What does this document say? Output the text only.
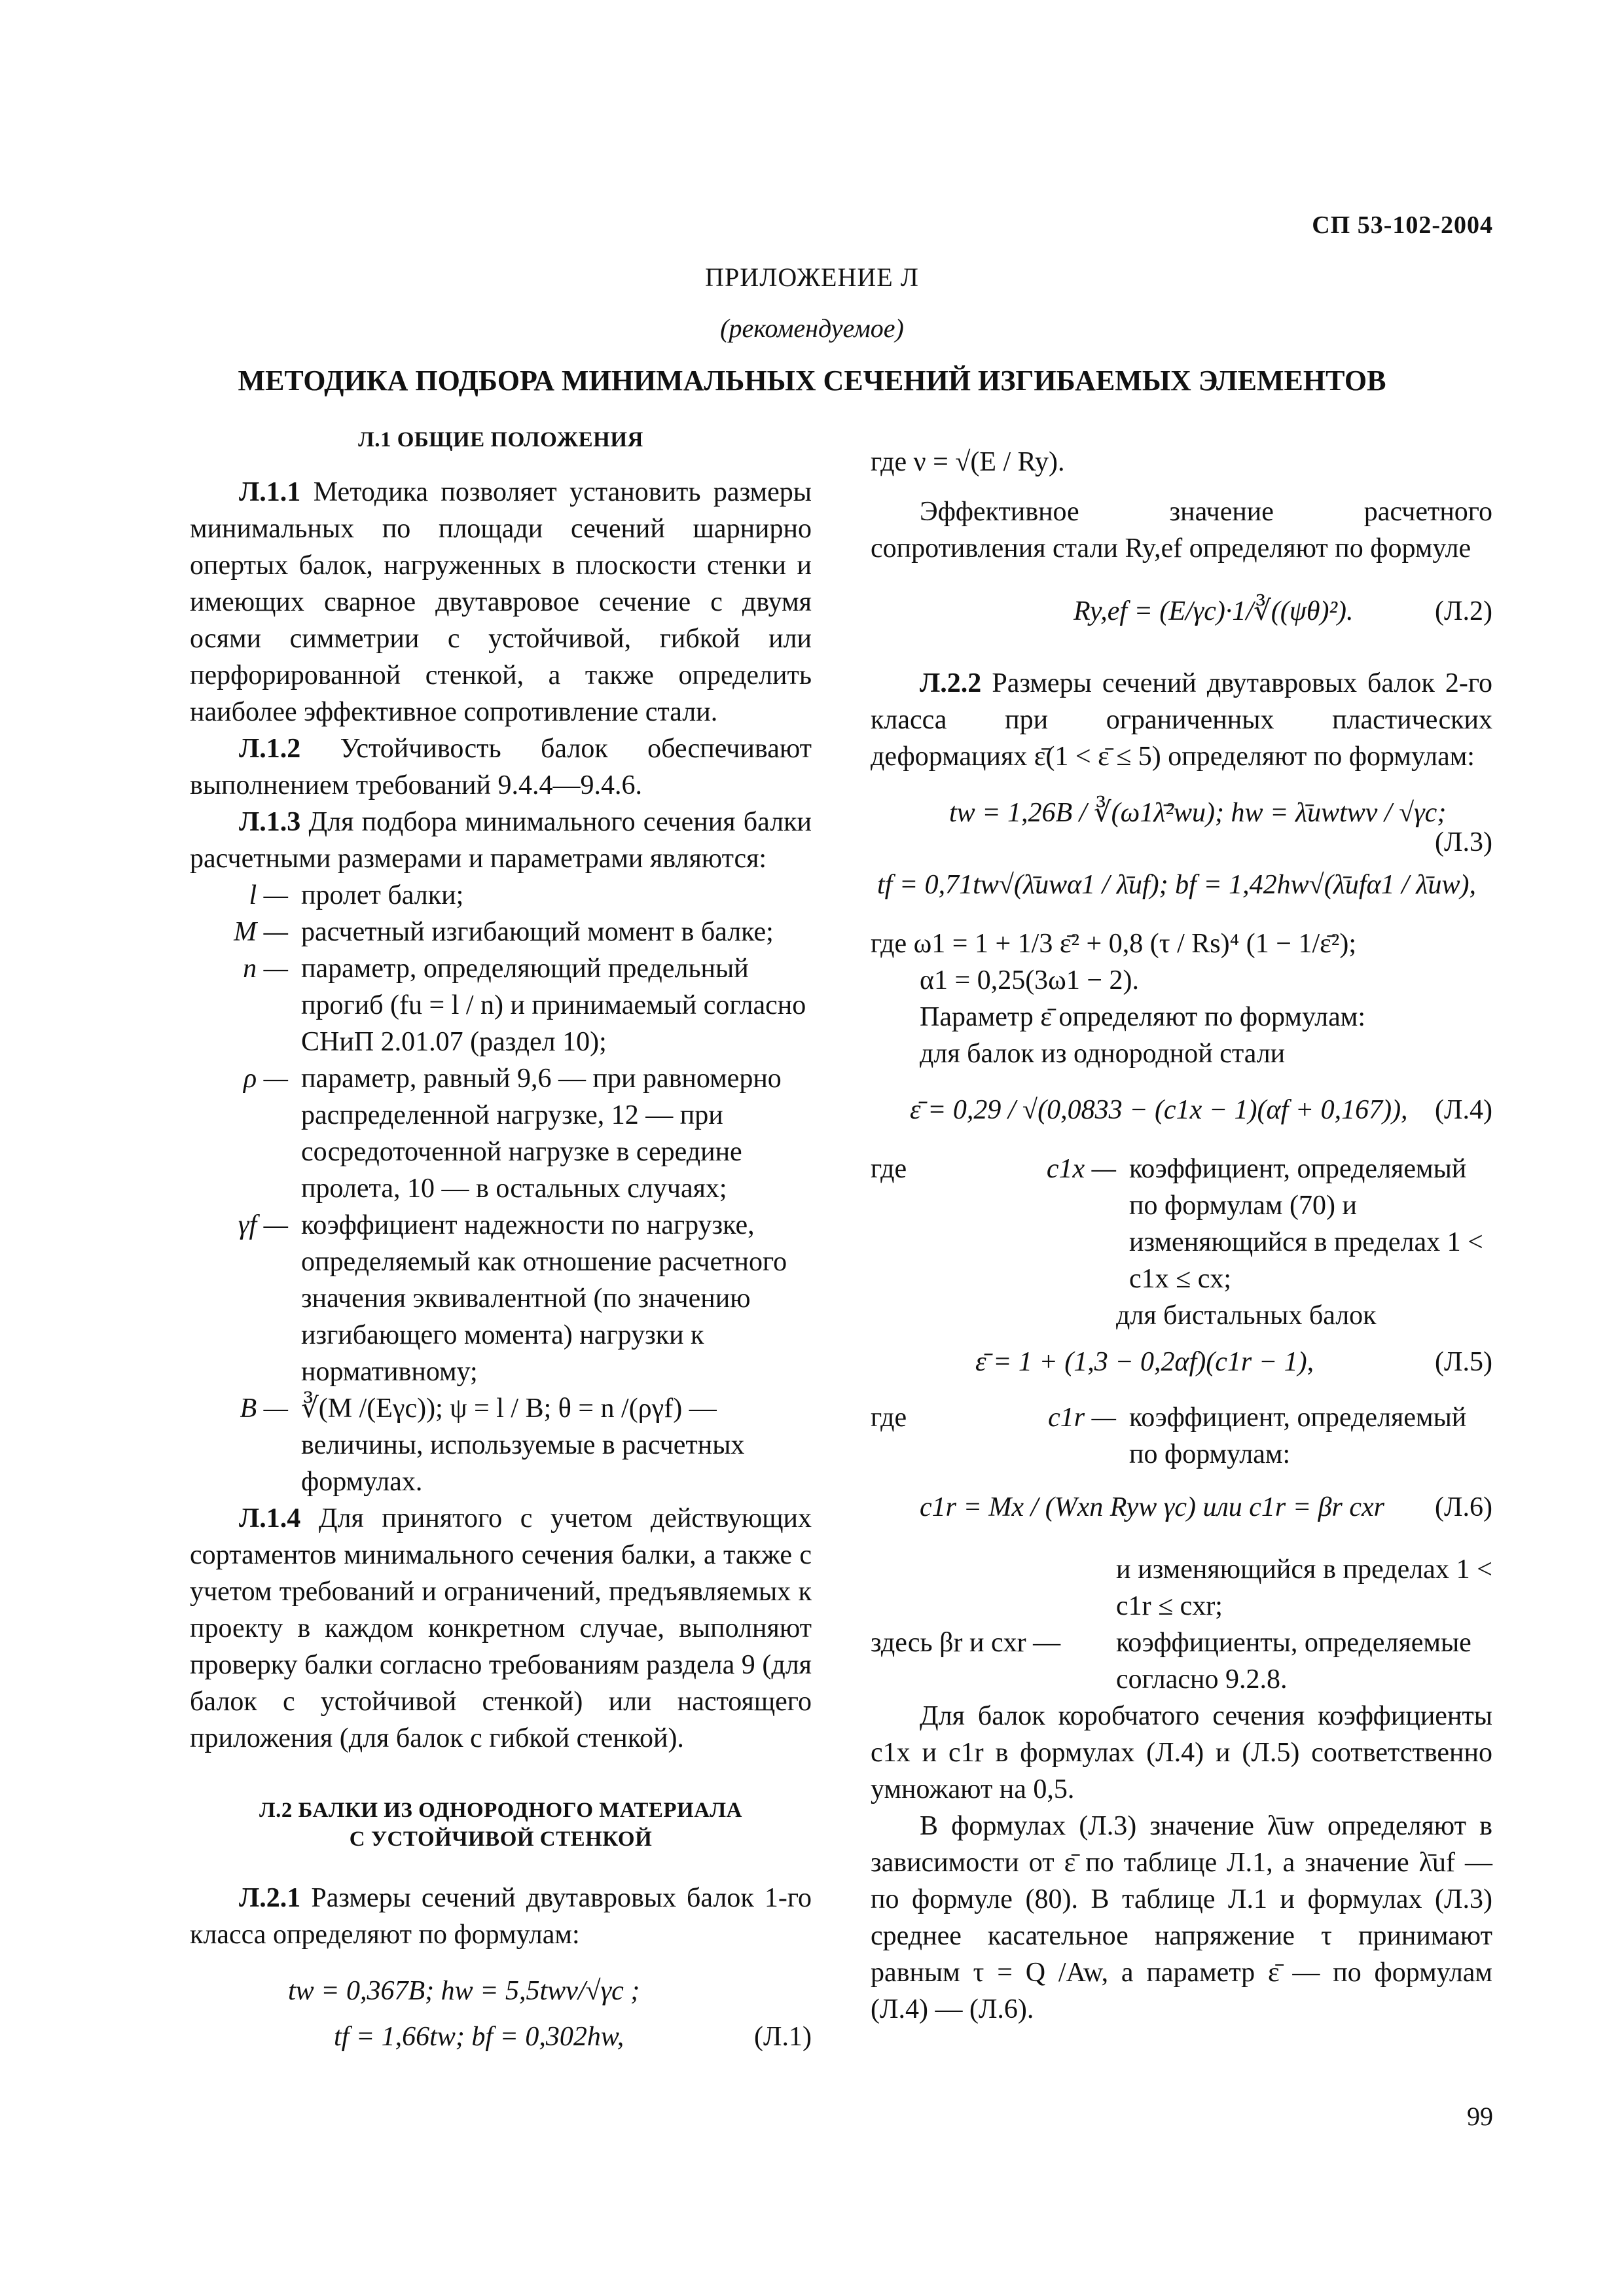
СП 53-102-2004
ПРИЛОЖЕНИЕ Л
(рекомендуемое)
МЕТОДИКА ПОДБОРА МИНИМАЛЬНЫХ СЕЧЕНИЙ ИЗГИБАЕМЫХ ЭЛЕМЕНТОВ
Л.1 ОБЩИЕ ПОЛОЖЕНИЯ

Л.1.1 Методика позволяет установить размеры минимальных по площади сечений шарнирно опертых балок, нагруженных в плоскости стенки и имеющих сварное двутавровое сечение с двумя осями симметрии с устойчивой, гибкой или перфорированной стенкой, а также определить наиболее эффективное сопротивление стали.

Л.1.2 Устойчивость балок обеспечивают выполнением требований 9.4.4—9.4.6.

Л.1.3 Для подбора минимального сечения балки расчетными размерами и параметрами являются:

l — пролет балки;
M — расчетный изгибающий момент в балке;
n — параметр, определяющий предельный прогиб (fu = l / n) и принимаемый согласно СНиП 2.01.07 (раздел 10);
ρ — параметр, равный 9,6 — при равномерно распределенной нагрузке, 12 — при сосредоточенной нагрузке в середине пролета, 10 — в остальных случаях;
γf — коэффициент надежности по нагрузке, определяемый как отношение расчетного значения эквивалентной (по значению изгибающего момента) нагрузки к нормативному;
B — ∛(M /(Eγc)); ψ = l / B; θ = n /(ργf) — величины, используемые в расчетных формулах.

Л.1.4 Для принятого с учетом действующих сортаментов минимального сечения балки, а также с учетом требований и ограничений, предъявляемых к проекту в каждом конкретном случае, выполняют проверку балки согласно требованиям раздела 9 (для балок с устойчивой стенкой) или настоящего приложения (для балок с гибкой стенкой).

Л.2 БАЛКИ ИЗ ОДНОРОДНОГО МАТЕРИАЛА
С УСТОЙЧИВОЙ СТЕНКОЙ

Л.2.1 Размеры сечений двутавровых балок 1-го класса определяют по формулам:

tw = 0,367B; hw = 5,5twν/√γc ;
tf = 1,66tw; bf = 0,302hw,	(Л.1)

где ν = √(E / Ry).

Эффективное значение расчетного сопротивления стали Ry,ef определяют по формуле

Ry,ef = (E/γc)·1/∛((ψθ)²).	(Л.2)

Л.2.2 Размеры сечений двутавровых балок 2-го класса при ограниченных пластических деформациях ε̄(1 < ε̄ ≤ 5) определяют по формулам:

tw = 1,26B / ∛(ω1λ̄²wu); hw = λ̄uwtwν / √γc;
(Л.3)
tf = 0,71tw√(λ̄uwα1 / λ̄uf); bf = 1,42hw√(λ̄ufα1 / λ̄uw),

где ω1 = 1 + 1/3 ε̄² + 0,8 (τ / Rs)⁴ (1 − 1/ε̄²);

α1 = 0,25(3ω1 − 2).

Параметр ε̄ определяют по формулам:

для балок из однородной стали

ε̄ = 0,29 / √(0,0833 − (c1x − 1)(αf + 0,167)), (Л.4)
где	c1x — коэффициент, определяемый по формулам (70) и изменяющийся в пределах 1 < c1x ≤ cx;

для бистальных балок

ε̄ = 1 + (1,3 − 0,2αf)(c1r − 1),	(Л.5)
где	c1r — коэффициент, определяемый по формулам:
c1r = Mx / (Wxn Ryw γc) или c1r = βr cxr (Л.6)

и изменяющийся в пределах 1 < c1r ≤ cxr;

здесь βr и cxr —	коэффициенты, определяемые согласно 9.2.8.

Для балок коробчатого сечения коэффициенты c1x и c1r в формулах (Л.4) и (Л.5) соответственно умножают на 0,5.

В формулах (Л.3) значение λ̄uw определяют в зависимости от ε̄ по таблице Л.1, а значение λ̄uf — по формуле (80). В таблице Л.1 и формулах (Л.3) среднее касательное напряжение τ принимают равным τ = Q /Aw, а параметр ε̄ — по формулам (Л.4) — (Л.6).

99
